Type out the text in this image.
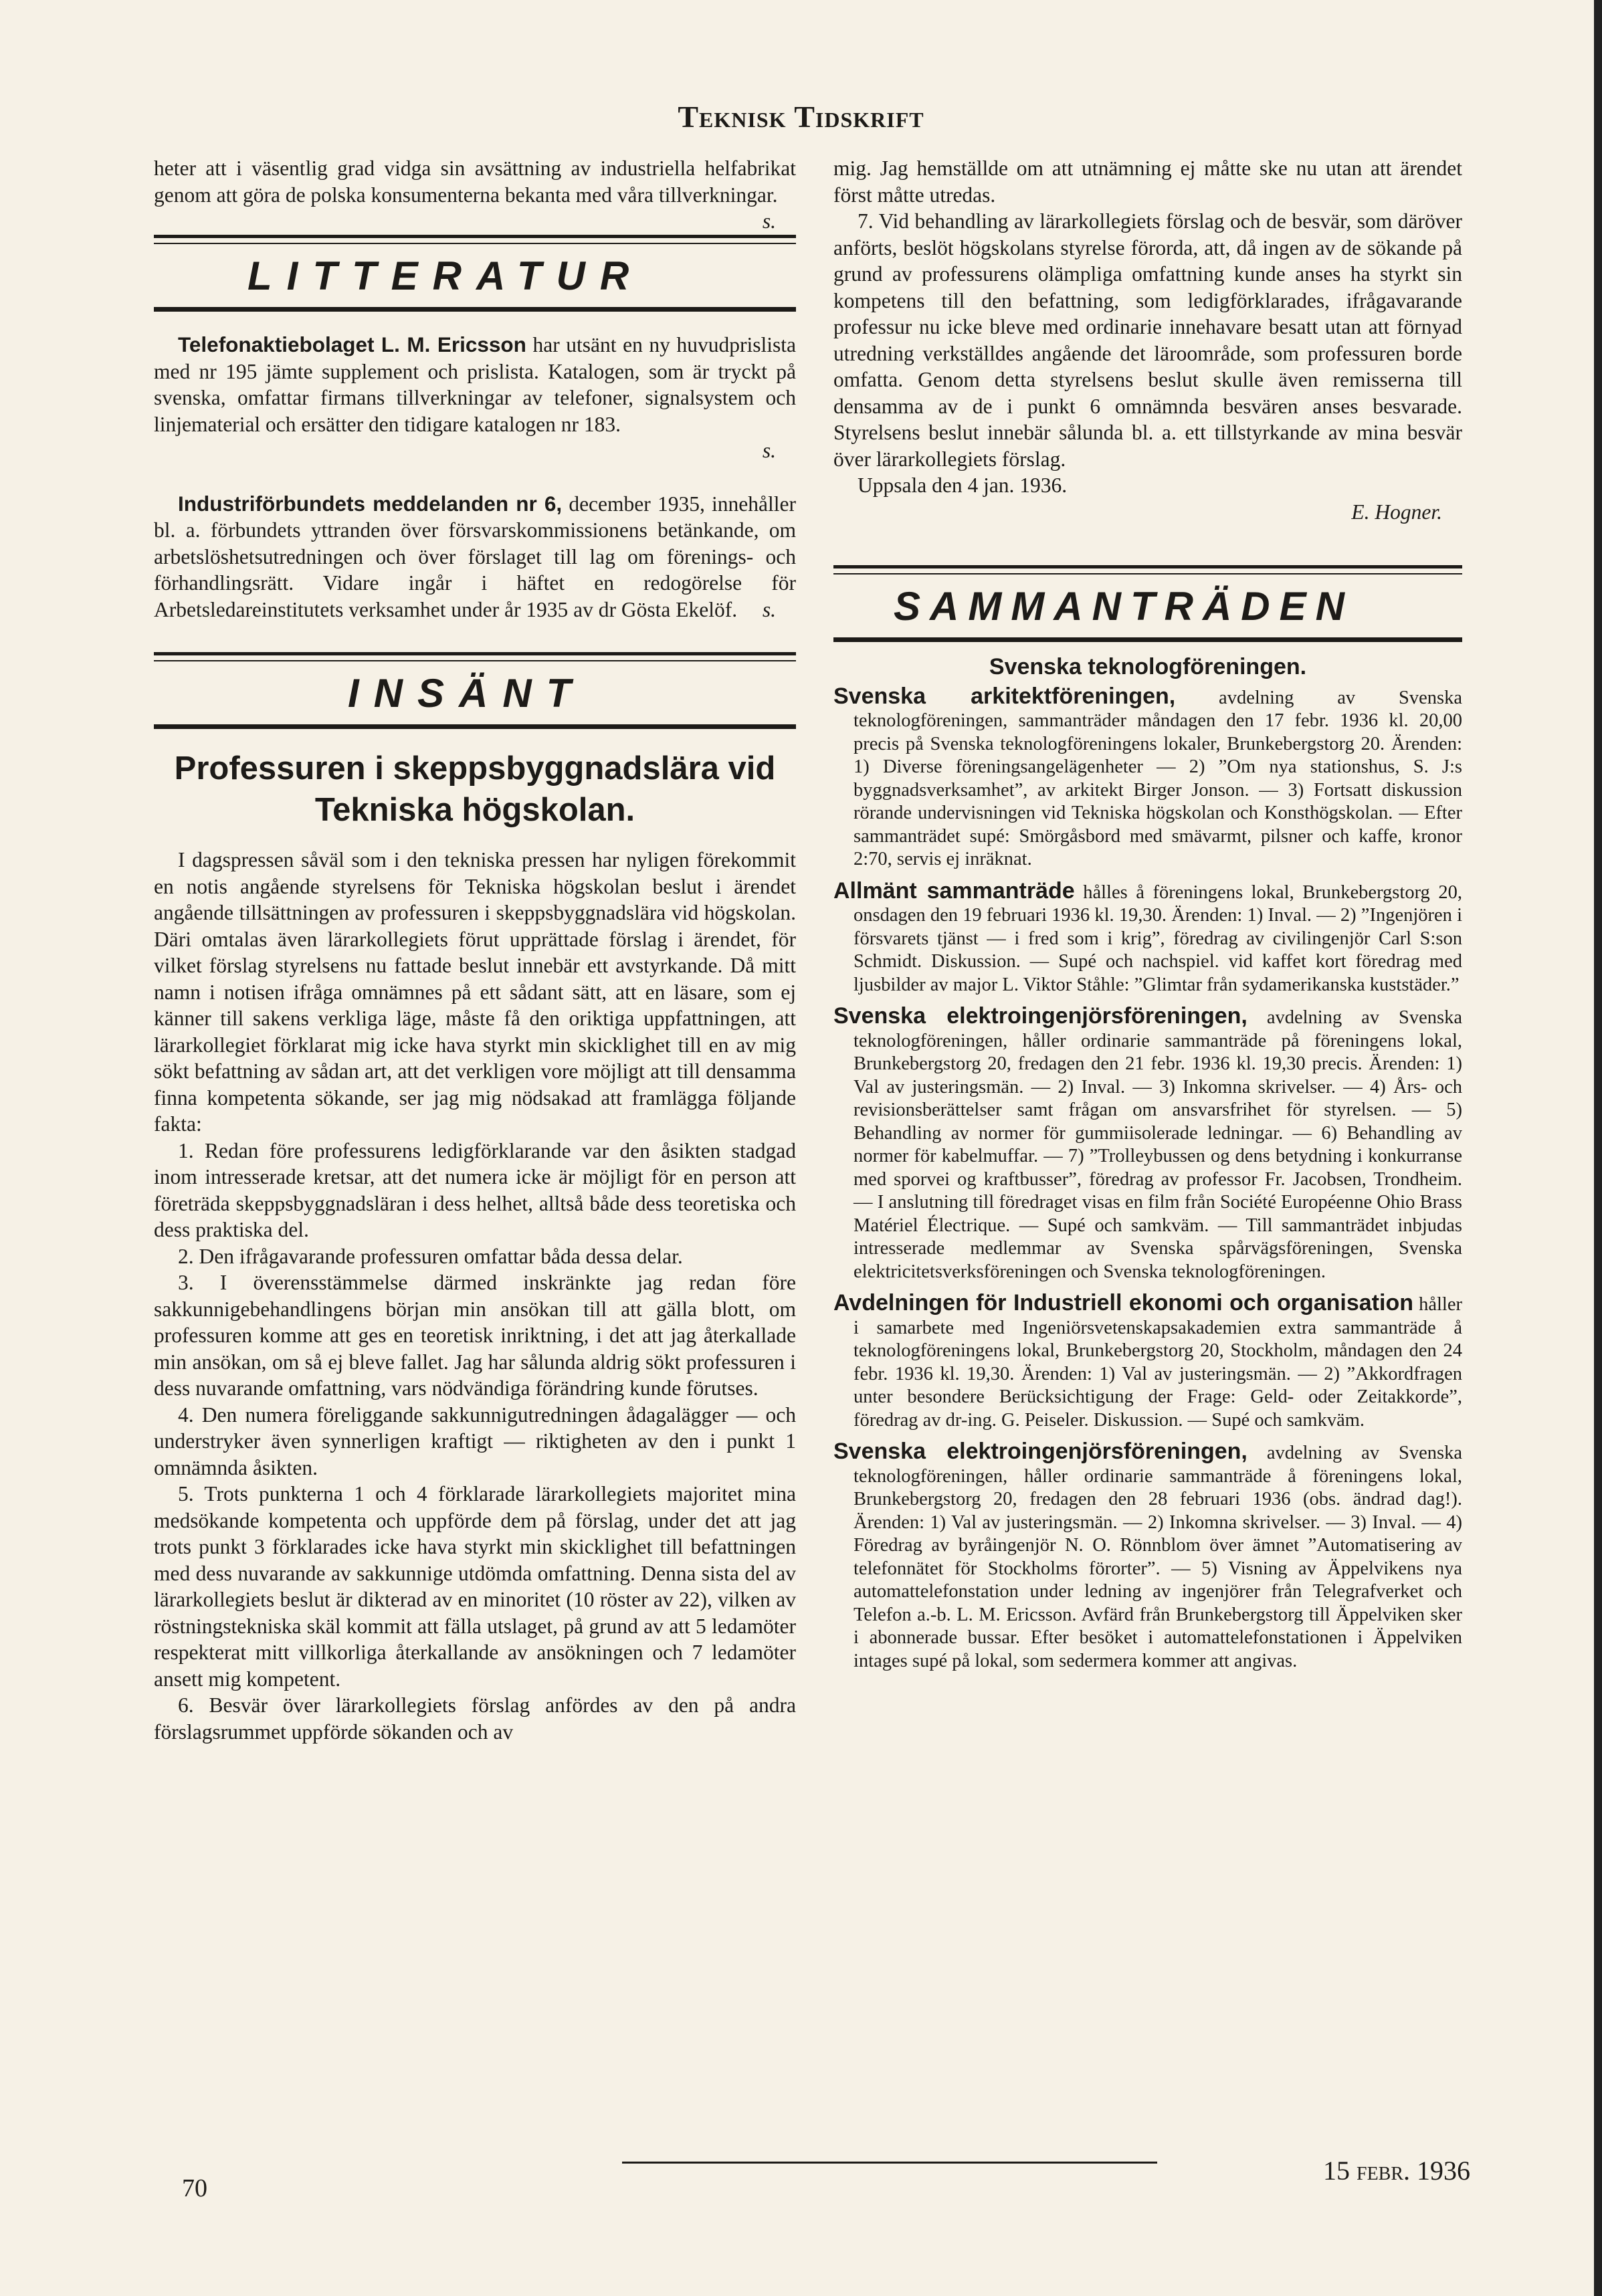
Teknisk Tidskrift

heter att i väsentlig grad vidga sin avsättning av industriella helfabrikat genom att göra de polska konsumenterna bekanta med våra tillverkningar.
s.

LITTERATUR

Telefonaktiebolaget L. M. Ericsson har utsänt en ny huvudprislista med nr 195 jämte supplement och prislista. Katalogen, som är tryckt på svenska, omfattar firmans tillverkningar av telefoner, signalsystem och linjematerial och ersätter den tidigare katalogen nr 183.

s.

Industriförbundets meddelanden nr 6, december 1935, innehåller bl. a. förbundets yttranden över försvarskommissionens betänkande, om arbetslöshetsutredningen och över förslaget till lag om förenings- och förhandlingsrätt. Vidare ingår i häftet en redogörelse för Arbetsledareinstitutets verksamhet under år 1935 av dr Gösta Ekelöf.	s.

INSÄNT
Professuren i skeppsbyggnadslära vid Tekniska högskolan.

I dagspressen såväl som i den tekniska pressen har nyligen förekommit en notis angående styrelsens för Tekniska högskolan beslut i ärendet angående tillsättningen av professuren i skeppsbyggnadslära vid högskolan. Däri omtalas även lärarkollegiets förut upprättade förslag i ärendet, för vilket förslag styrelsens nu fattade beslut innebär ett avstyrkande. Då mitt namn i notisen ifråga omnämnes på ett sådant sätt, att en läsare, som ej känner till sakens verkliga läge, måste få den oriktiga uppfattningen, att lärarkollegiet förklarat mig icke hava styrkt min skicklighet till en av mig sökt befattning av sådan art, att det verkligen vore möjligt att till densamma finna kompetenta sökande, ser jag mig nödsakad att framlägga följande fakta:

1. Redan före professurens ledigförklarande var den åsikten stadgad inom intresserade kretsar, att det numera icke är möjligt för en person att företräda skeppsbyggnadsläran i dess helhet, alltså både dess teoretiska och dess praktiska del.

2. Den ifrågavarande professuren omfattar båda dessa delar.

3. I överensstämmelse därmed inskränkte jag redan före sakkunnigebehandlingens början min ansökan till att gälla blott, om professuren komme att ges en teoretisk inriktning, i det att jag återkallade min ansökan, om så ej bleve fallet. Jag har sålunda aldrig sökt professuren i dess nuvarande omfattning, vars nödvändiga förändring kunde förutses.

4. Den numera föreliggande sakkunnigutredningen ådagalägger — och understryker även synnerligen kraftigt — riktigheten av den i punkt 1 omnämnda åsikten.

5. Trots punkterna 1 och 4 förklarade lärarkollegiets majoritet mina medsökande kompetenta och uppförde dem på förslag, under det att jag trots punkt 3 förklarades icke hava styrkt min skicklighet till befattningen med dess nuvarande av sakkunnige utdömda omfattning. Denna sista del av lärarkollegiets beslut är dikterad av en minoritet (10 röster av 22), vilken av röstningstekniska skäl kommit att fälla utslaget, på grund av att 5 ledamöter respekterat mitt villkorliga återkallande av ansökningen och 7 ledamöter ansett mig kompetent.

6. Besvär över lärarkollegiets förslag anfördes av den på andra förslagsrummet uppförde sökanden och av

mig. Jag hemställde om att utnämning ej måtte ske nu utan att ärendet först måtte utredas.

7. Vid behandling av lärarkollegiets förslag och de besvär, som däröver anförts, beslöt högskolans styrelse förorda, att, då ingen av de sökande på grund av professurens olämpliga omfattning kunde anses ha styrkt sin kompetens till den befattning, som ledigförklarades, ifrågavarande professur nu icke bleve med ordinarie innehavare besatt utan att förnyad utredning verkställdes angående det läroområde, som professuren borde omfatta. Genom detta styrelsens beslut skulle även remisserna till densamma av de i punkt 6 omnämnda besvären anses besvarade. Styrelsens beslut innebär sålunda bl. a. ett tillstyrkande av mina besvär över lärarkollegiets förslag.

Uppsala den 4 jan. 1936.

E. Hogner.

SAMMANTRÄDEN
Svenska teknologföreningen.

Svenska arkitektföreningen, avdelning av Svenska teknologföreningen, sammanträder måndagen den 17 febr. 1936 kl. 20,00 precis på Svenska teknologföreningens lokaler, Brunkebergstorg 20. Ärenden: 1) Diverse föreningsangelägenheter — 2) ”Om nya stationshus, S. J:s byggnadsverksamhet”, av arkitekt Birger Jonson. — 3) Fortsatt diskussion rörande undervisningen vid Tekniska högskolan och Konsthögskolan. — Efter sammanträdet supé: Smörgåsbord med smävarmt, pilsner och kaffe, kronor 2:70, servis ej inräknat.

Allmänt sammanträde hålles å föreningens lokal, Brunkebergstorg 20, onsdagen den 19 februari 1936 kl. 19,30. Ärenden: 1) Inval. — 2) ”Ingenjören i försvarets tjänst — i fred som i krig”, föredrag av civilingenjör Carl S:son Schmidt. Diskussion. — Supé och nachspiel. vid kaffet kort föredrag med ljusbilder av major L. Viktor Ståhle: ”Glimtar från sydamerikanska kuststäder.”

Svenska elektroingenjörsföreningen, avdelning av Svenska teknologföreningen, håller ordinarie sammanträde på föreningens lokal, Brunkebergstorg 20, fredagen den 21 febr. 1936 kl. 19,30 precis. Ärenden: 1) Val av justeringsmän. — 2) Inval. — 3) Inkomna skrivelser. — 4) Års- och revisionsberättelser samt frågan om ansvarsfrihet för styrelsen. — 5) Behandling av normer för gummiisolerade ledningar. — 6) Behandling av normer för kabelmuffar. — 7) ”Trolleybussen og dens betydning i konkurranse med sporvei og kraftbusser”, föredrag av professor Fr. Jacobsen, Trondheim. — I anslutning till föredraget visas en film från Société Européenne Ohio Brass Matériel Électrique. — Supé och samkväm. — Till sammanträdet inbjudas intresserade medlemmar av Svenska spårvägsföreningen, Svenska elektricitetsverksföreningen och Svenska teknologföreningen.

Avdelningen för Industriell ekonomi och organisation håller i samarbete med Ingeniörsvetenskapsakademien extra sammanträde å teknologföreningens lokal, Brunkebergstorg 20, Stockholm, måndagen den 24 febr. 1936 kl. 19,30. Ärenden: 1) Val av justeringsmän. — 2) ”Akkordfragen unter besondere Berücksichtigung der Frage: Geld- oder Zeitakkorde”, föredrag av dr-ing. G. Peiseler. Diskussion. — Supé och samkväm.

Svenska elektroingenjörsföreningen, avdelning av Svenska teknologföreningen, håller ordinarie sammanträde å föreningens lokal, Brunkebergstorg 20, fredagen den 28 februari 1936 (obs. ändrad dag!). Ärenden: 1) Val av justeringsmän. — 2) Inkomna skrivelser. — 3) Inval. — 4) Föredrag av byråingenjör N. O. Rönnblom över ämnet ”Automatisering av telefonnätet för Stockholms förorter”. — 5) Visning av Äppelvikens nya automattelefonstation under ledning av ingenjörer från Telegrafverket och Telefon a.-b. L. M. Ericsson. Avfärd från Brunkebergstorg till Äppelviken sker i abonnerade bussar. Efter besöket i automattelefonstationen i Äppelviken intages supé på lokal, som sedermera kommer att angivas.

70
15 febr. 1936
